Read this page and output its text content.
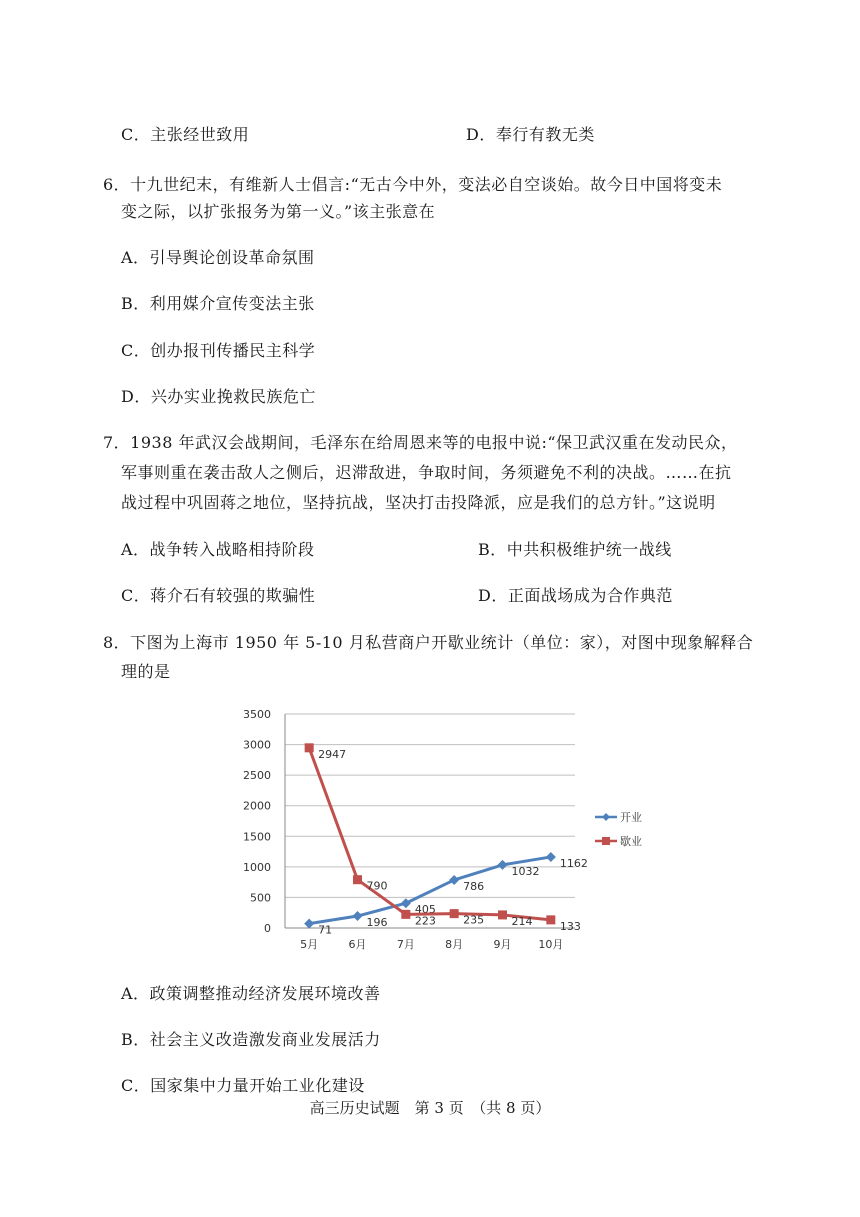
C．主张经世致用	D．奉行有教无类
6．十九世纪末，有维新人士倡言:“无古今中外，变法必自空谈始。故今日中国将变未
变之际，以扩张报务为第一义。”该主张意在
A．引导舆论创设革命氛围
B．利用媒介宣传变法主张
C．创办报刊传播民主科学
D．兴办实业挽救民族危亡
7．1938 年武汉会战期间，毛泽东在给周恩来等的电报中说:“保卫武汉重在发动民众，
军事则重在袭击敌人之侧后，迟滞敌进，争取时间，务须避免不利的决战。……在抗
战过程中巩固蒋之地位，坚持抗战，坚决打击投降派，应是我们的总方针。”这说明
A．战争转入战略相持阶段	B．中共积极维护统一战线
C．蒋介石有较强的欺骗性	D．正面战场成为合作典范
8．下图为上海市 1950 年 5-10 月私营商户开歇业统计（单位：家），对图中现象解释合
理的是
0
500
1000
1500
2000
2500
3000
3500
5月	6月	7月	8月	9月 10月
71
196
405
786
1032
1162
2947
790
223 235 214 133
开业
歇业
A．政策调整推动经济发展环境改善
B．社会主义改造激发商业发展活力
C．国家集中力量开始工业化建设
高三历史试题　第 3 页　（共 8 页）
